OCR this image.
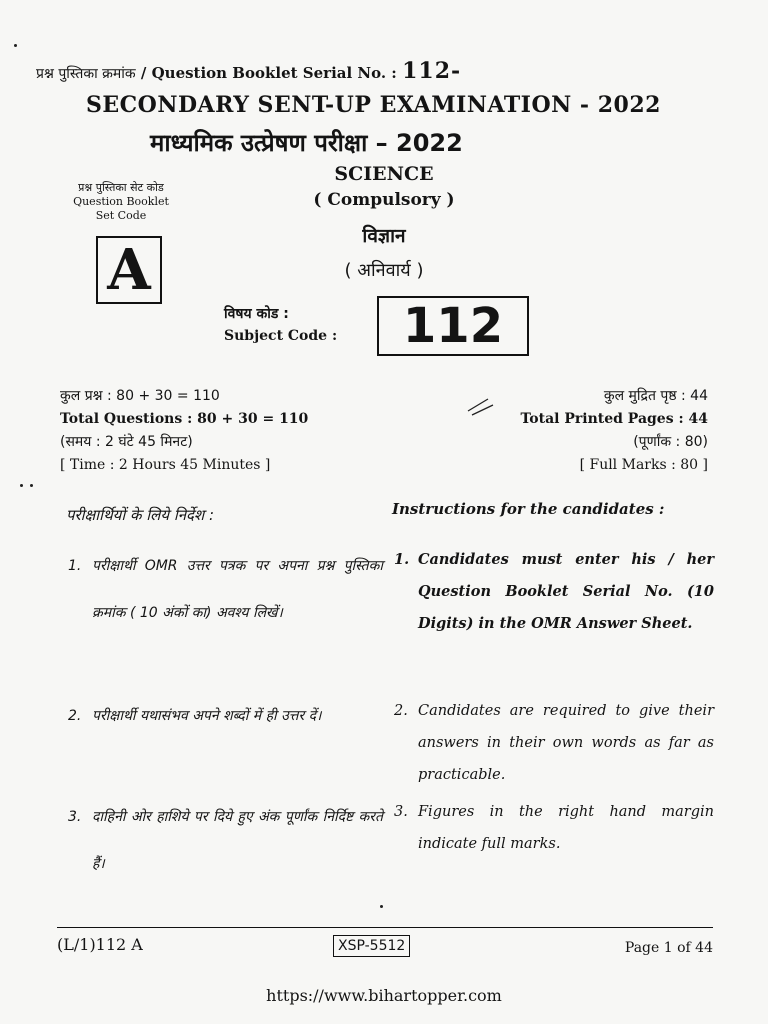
प्रश्न पुस्तिका क्रमांक / Question Booklet Serial No. : 112-
SECONDARY SENT-UP EXAMINATION - 2022
माध्यमिक उत्प्रेषण परीक्षा – 2022
प्रश्न पुस्तिका सेट कोड
Question Booklet
Set Code
A
SCIENCE
( Compulsory )
विज्ञान
( अनिवार्य )
विषय कोड :
Subject Code : 112
कुल प्रश्न : 80 + 30 = 110
Total Questions : 80 + 30 = 110
(समय : 2 घंटे 45 मिनट)
[ Time : 2 Hours 45 Minutes ]
कुल मुद्रित पृष्ठ : 44
Total Printed Pages : 44
(पूर्णांक : 80)
[ Full Marks : 80 ]
परीक्षार्थियों के लिये निर्देश :	Instructions for the candidates :
1. परीक्षार्थी OMR उत्तर पत्रक पर अपना प्रश्न पुस्तिका क्रमांक ( 10 अंकों का) अवश्य लिखें।
2. परीक्षार्थी यथासंभव अपने शब्दों में ही उत्तर दें।
3. दाहिनी ओर हाशिये पर दिये हुए अंक पूर्णांक निर्दिष्ट करते हैं।
1. Candidates must enter his / her Question Booklet Serial No. (10 Digits) in the OMR Answer Sheet.
2. Candidates are required to give their answers in their own words as far as practicable.
3. Figures in the right hand margin indicate full marks.
(L/1)112 A	XSP-5512	Page 1 of 44
https://www.bihartopper.com
